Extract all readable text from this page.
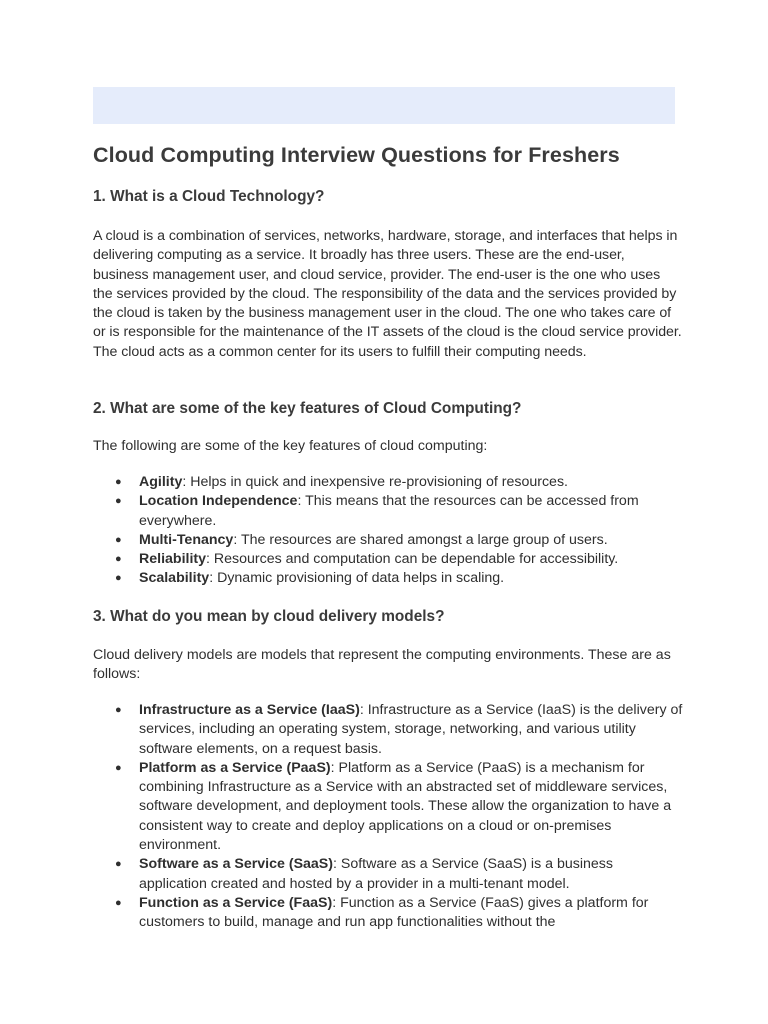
Cloud Computing Interview Questions for Freshers
1. What is a Cloud Technology?

A cloud is a combination of services, networks, hardware, storage, and interfaces that helps in delivering computing as a service. It broadly has three users. These are the end-user, business management user, and cloud service, provider. The end-user is the one who uses the services provided by the cloud. The responsibility of the data and the services provided by the cloud is taken by the business management user in the cloud. The one who takes care of or is responsible for the maintenance of the IT assets of the cloud is the cloud service provider. The cloud acts as a common center for its users to fulfill their computing needs.

2. What are some of the key features of Cloud Computing?

The following are some of the key features of cloud computing:

● Agility: Helps in quick and inexpensive re-provisioning of resources.
● Location Independence: This means that the resources can be accessed from everywhere.
● Multi-Tenancy: The resources are shared amongst a large group of users.
● Reliability: Resources and computation can be dependable for accessibility.
● Scalability: Dynamic provisioning of data helps in scaling.
3. What do you mean by cloud delivery models?

Cloud delivery models are models that represent the computing environments. These are as follows:

● Infrastructure as a Service (IaaS): Infrastructure as a Service (IaaS) is the delivery of services, including an operating system, storage, networking, and various utility software elements, on a request basis.
● Platform as a Service (PaaS): Platform as a Service (PaaS) is a mechanism for combining Infrastructure as a Service with an abstracted set of middleware services, software development, and deployment tools. These allow the organization to have a consistent way to create and deploy applications on a cloud or on-premises environment.
● Software as a Service (SaaS): Software as a Service (SaaS) is a business application created and hosted by a provider in a multi-tenant model.
● Function as a Service (FaaS): Function as a Service (FaaS) gives a platform for customers to build, manage and run app functionalities without the
